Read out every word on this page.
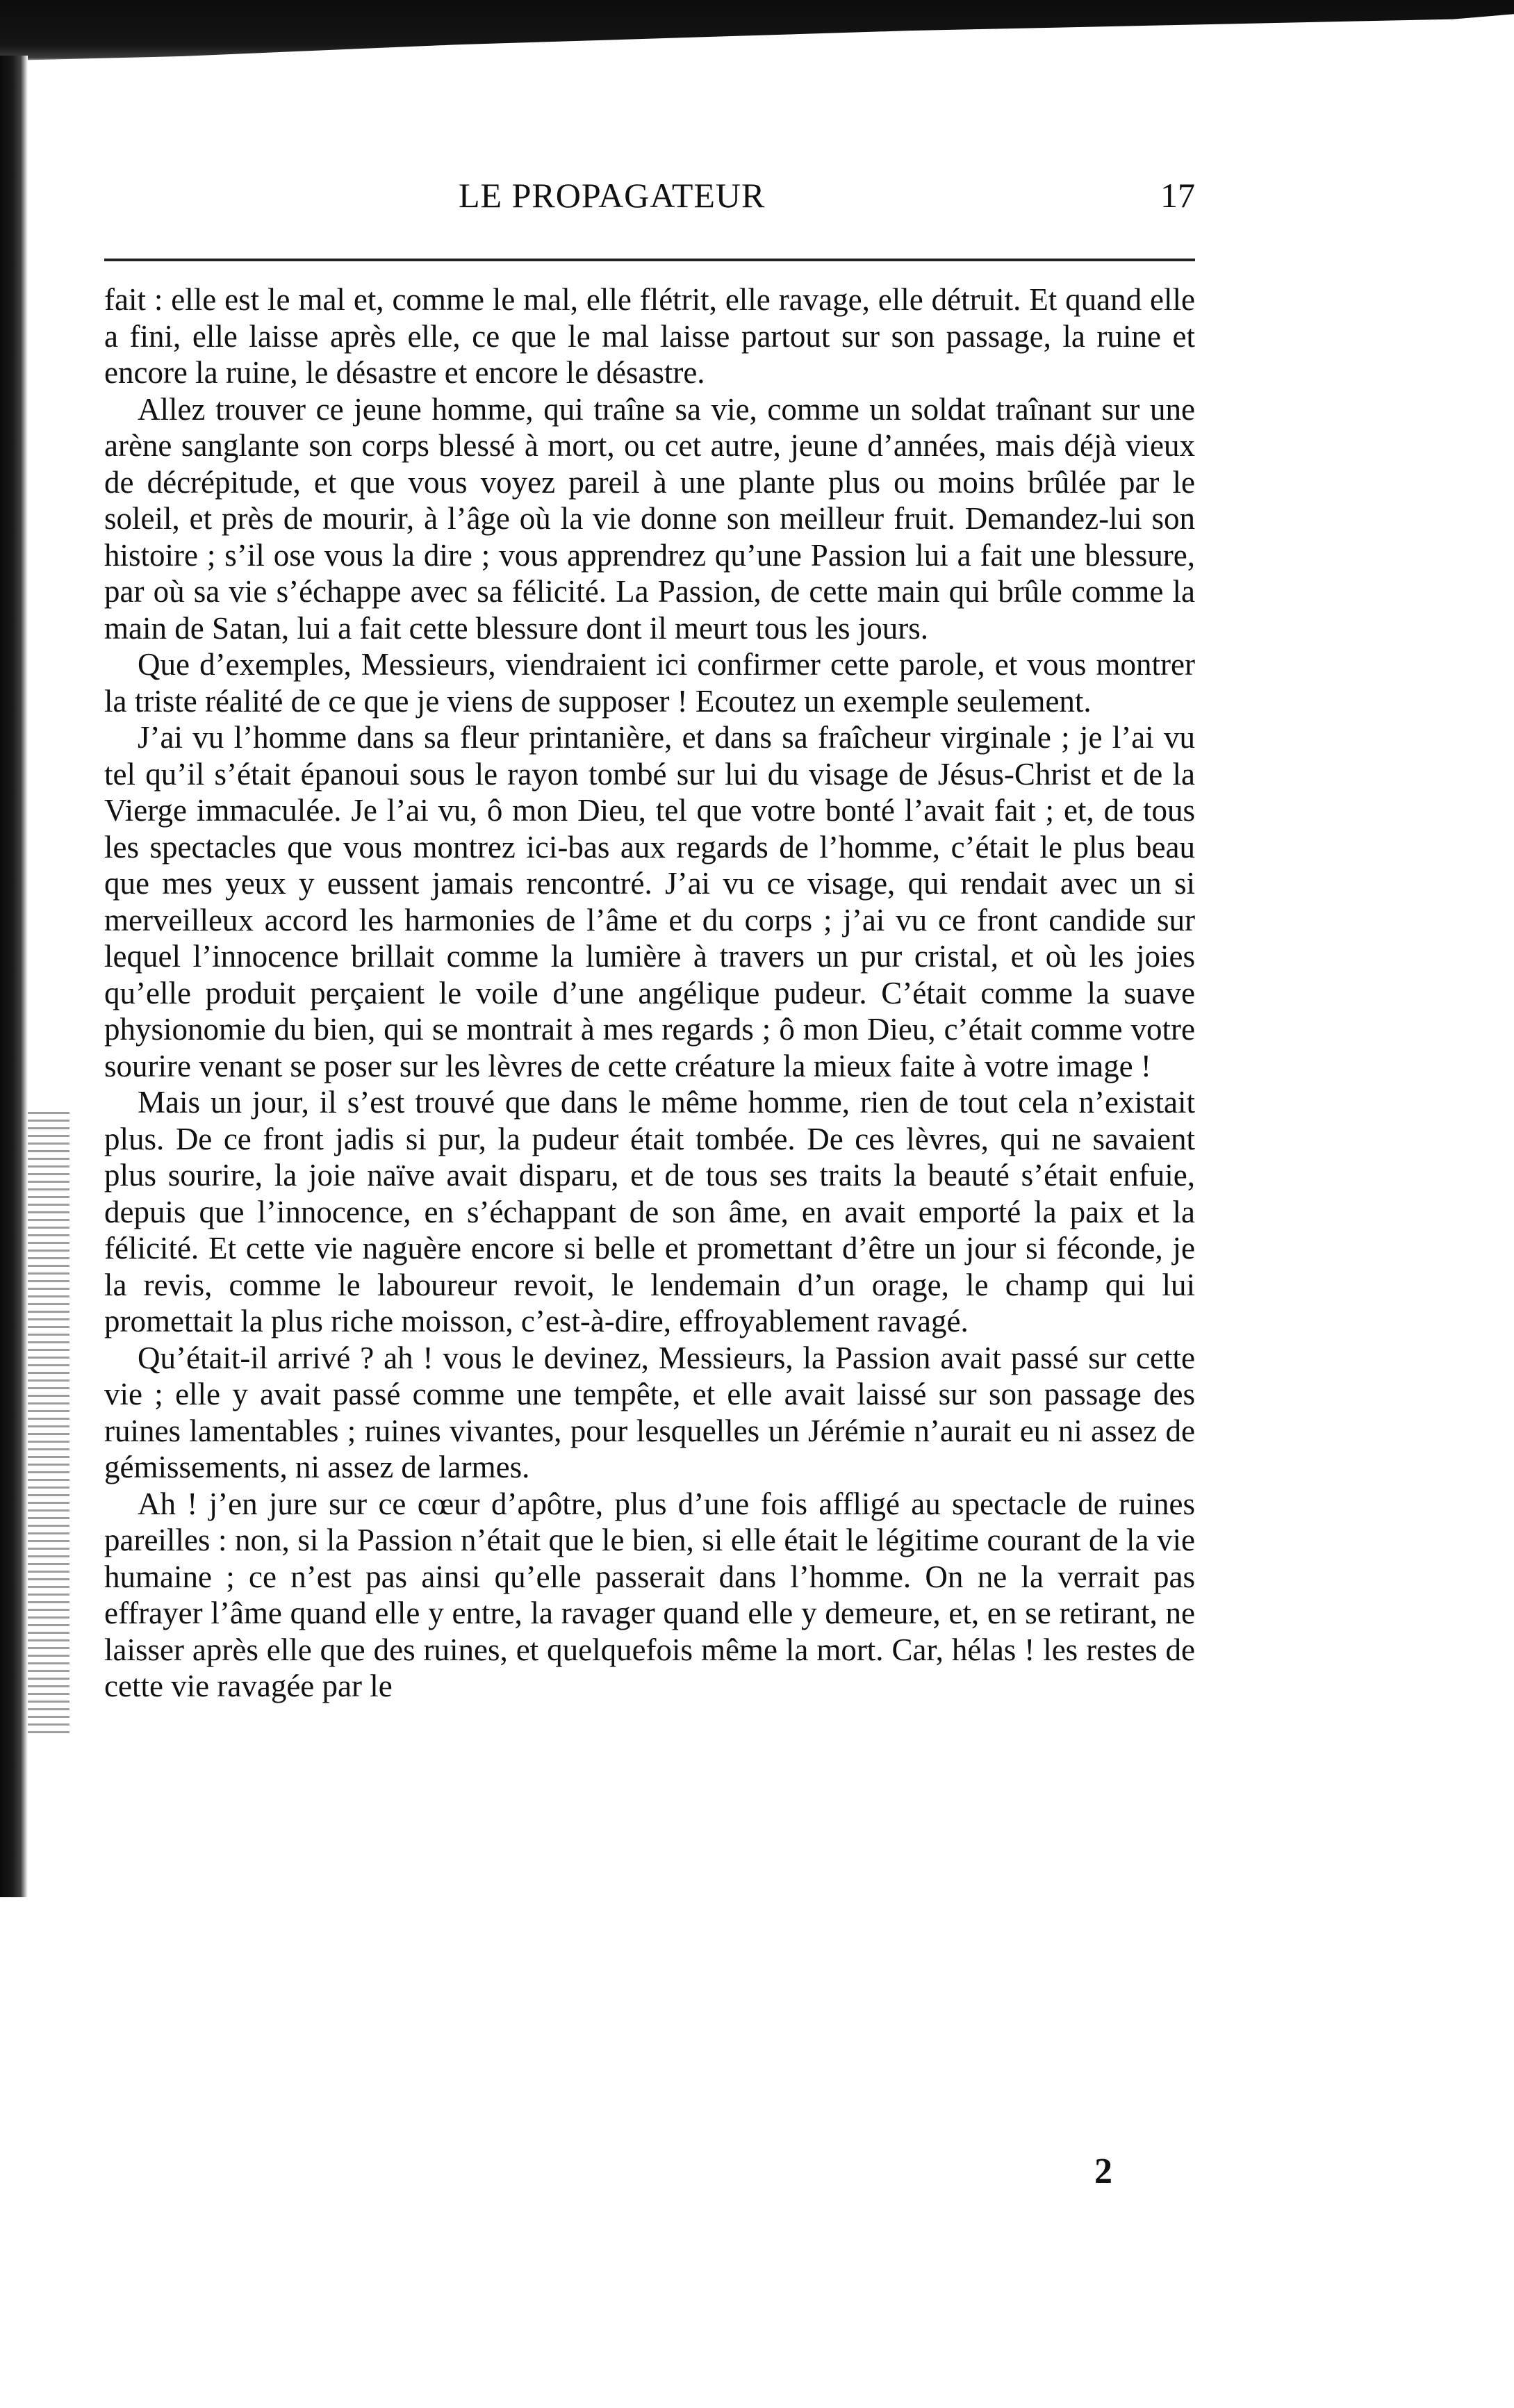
LE PROPAGATEUR	17

fait : elle est le mal et, comme le mal, elle flétrit, elle ravage, elle détruit. Et quand elle a fini, elle laisse après elle, ce que le mal laisse partout sur son passage, la ruine et encore la ruine, le désastre et encore le désastre.

Allez trouver ce jeune homme, qui traîne sa vie, comme un soldat traînant sur une arène sanglante son corps blessé à mort, ou cet autre, jeune d’années, mais déjà vieux de décrépitude, et que vous voyez pareil à une plante plus ou moins brûlée par le soleil, et près de mourir, à l’âge où la vie donne son meilleur fruit. Demandez-lui son histoire ; s’il ose vous la dire ; vous apprendrez qu’une Passion lui a fait une blessure, par où sa vie s’échappe avec sa félicité. La Passion, de cette main qui brûle comme la main de Satan, lui a fait cette blessure dont il meurt tous les jours.

Que d’exemples, Messieurs, viendraient ici confirmer cette parole, et vous montrer la triste réalité de ce que je viens de supposer ! Ecoutez un exemple seulement.

J’ai vu l’homme dans sa fleur printanière, et dans sa fraîcheur virginale ; je l’ai vu tel qu’il s’était épanoui sous le rayon tombé sur lui du visage de Jésus-Christ et de la Vierge immaculée. Je l’ai vu, ô mon Dieu, tel que votre bonté l’avait fait ; et, de tous les spectacles que vous montrez ici-bas aux regards de l’homme, c’était le plus beau que mes yeux y eussent jamais rencontré. J’ai vu ce visage, qui rendait avec un si merveilleux accord les harmonies de l’âme et du corps ; j’ai vu ce front candide sur lequel l’innocence brillait comme la lumière à travers un pur cristal, et où les joies qu’elle produit perçaient le voile d’une angélique pudeur. C’était comme la suave physionomie du bien, qui se montrait à mes regards ; ô mon Dieu, c’était comme votre sourire venant se poser sur les lèvres de cette créature la mieux faite à votre image !

Mais un jour, il s’est trouvé que dans le même homme, rien de tout cela n’existait plus. De ce front jadis si pur, la pudeur était tombée. De ces lèvres, qui ne savaient plus sourire, la joie naïve avait disparu, et de tous ses traits la beauté s’était enfuie, depuis que l’innocence, en s’échappant de son âme, en avait emporté la paix et la félicité. Et cette vie naguère encore si belle et promettant d’être un jour si féconde, je la revis, comme le laboureur revoit, le lendemain d’un orage, le champ qui lui promettait la plus riche moisson, c’est-à-dire, effroyablement ravagé.

Qu’était-il arrivé ? ah ! vous le devinez, Messieurs, la Passion avait passé sur cette vie ; elle y avait passé comme une tempête, et elle avait laissé sur son passage des ruines lamentables ; ruines vivantes, pour lesquelles un Jérémie n’aurait eu ni assez de gémissements, ni assez de larmes.

Ah ! j’en jure sur ce cœur d’apôtre, plus d’une fois affligé au spectacle de ruines pareilles : non, si la Passion n’était que le bien, si elle était le légitime courant de la vie humaine ; ce n’est pas ainsi qu’elle passerait dans l’homme. On ne la verrait pas effrayer l’âme quand elle y entre, la ravager quand elle y demeure, et, en se retirant, ne laisser après elle que des ruines, et quelquefois même la mort. Car, hélas ! les restes de cette vie ravagée par le

2
